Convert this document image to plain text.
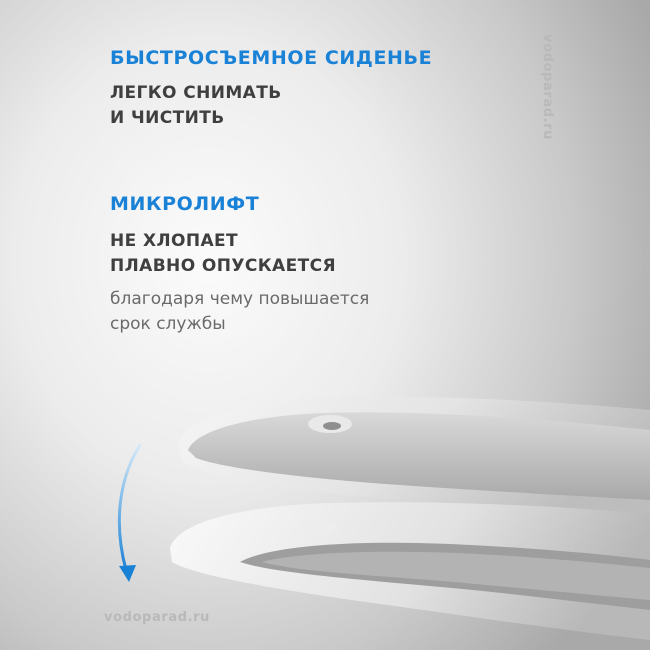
БЫСТРОСЪЕМНОЕ СИДЕНЬЕ
ЛЕГКО СНИМАТЬ
И ЧИСТИТЬ
МИКРОЛИФТ
НЕ ХЛОПАЕТ
ПЛАВНО ОПУСКАЕТСЯ
благодаря чему повышается
срок службы
vodoparad.ru
vodoparad.ru
